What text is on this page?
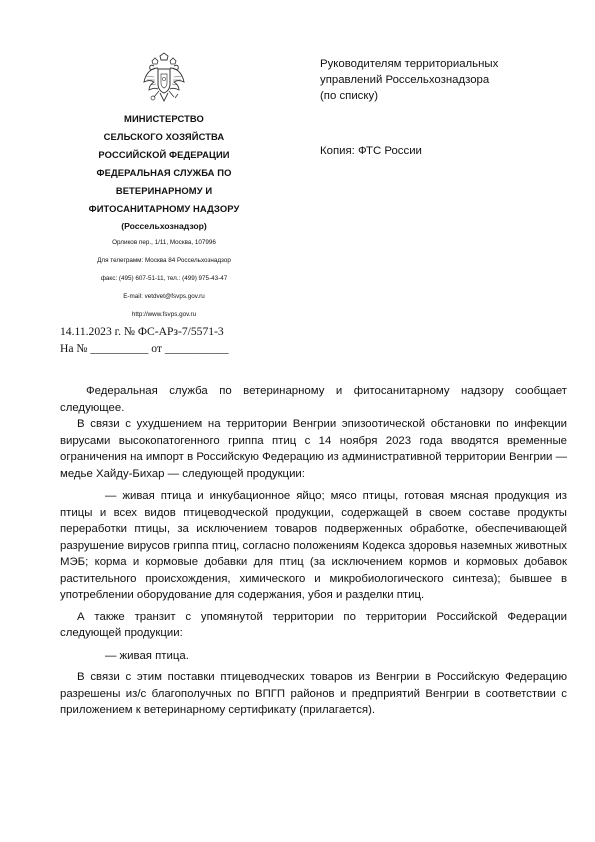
МИНИСТЕРСТВО
СЕЛЬСКОГО ХОЗЯЙСТВА
РОССИЙСКОЙ ФЕДЕРАЦИИ
ФЕДЕРАЛЬНАЯ СЛУЖБА ПО
ВЕТЕРИНАРНОМУ И
ФИТОСАНИТАРНОМУ НАДЗОРУ
(Россельхознадзор)
Орликов пер., 1/11, Москва, 107996
Для телеграмм: Москва 84 Россельхознадзор
факс: (495) 607-51-11, тел.: (499) 975-43-47
E-mail: vetdvet@fsvps.gov.ru
http://www.fsvps.gov.ru
14.11.2023 г. № ФС-АРз-7/5571-3
На № __________ от ___________
Руководителям территориальных
управлений Россельхознадзора
(по списку)
Копия: ФТС России

Федеральная служба по ветеринарному и фитосанитарному надзору сообщает следующее.

В связи с ухудшением на территории Венгрии эпизоотической обстановки по инфекции вирусами высокопатогенного гриппа птиц с 14 ноября 2023 года вводятся временные ограничения на импорт в Российскую Федерацию из административной территории Венгрии — медье Хайду-Бихар — следующей продукции:

— живая птица и инкубационное яйцо; мясо птицы, готовая мясная продукция из птицы и всех видов птицеводческой продукции, содержащей в своем составе продукты переработки птицы, за исключением товаров подверженных обработке, обеспечивающей разрушение вирусов гриппа птиц, согласно положениям Кодекса здоровья наземных животных МЭБ; корма и кормовые добавки для птиц (за исключением кормов и кормовых добавок растительного происхождения, химического и микробиологического синтеза); бывшее в употреблении оборудование для содержания, убоя и разделки птиц.

А также транзит с упомянутой территории по территории Российской Федерации следующей продукции:

— живая птица.

В связи с этим поставки птицеводческих товаров из Венгрии в Российскую Федерацию разрешены из/с благополучных по ВПГП районов и предприятий Венгрии в соответствии с приложением к ветеринарному сертификату (прилагается).
